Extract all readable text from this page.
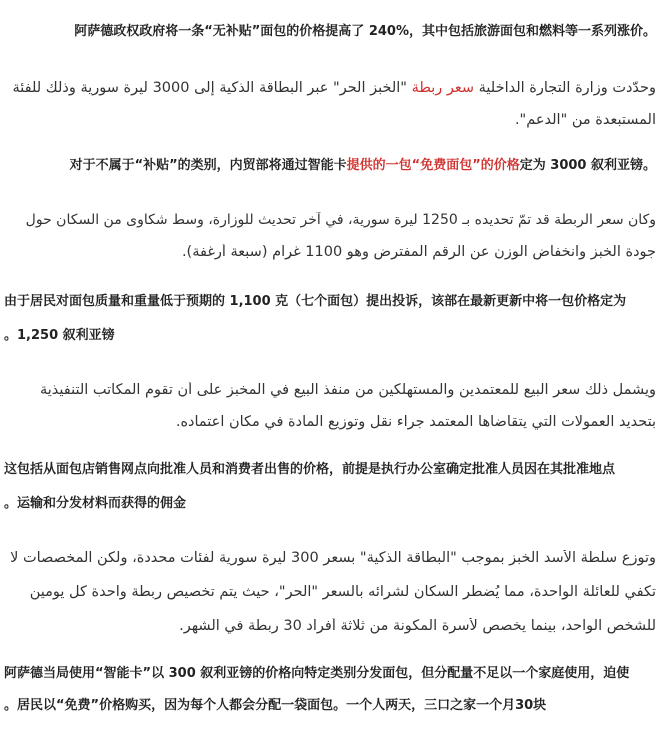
。阿萨德政权政府将一条“无补贴”面包的价格提高了 240%，其中包括旅游面包和燃料等一系列涨价
وحدّدت وزارة التجارة الداخلية سعر ربطة "الخبز الحر" عبر البطاقة الذكية إلى 3000 ليرة سورية وذلك للفئة
المستبعدة من "الدعم".
。对于不属于“补贴”的类别，内贸部将通过智能卡提供的一包“免费面包”的价格定为 3000 叙利亚镑
وكان سعر الربطة قد تمّ تحديده بـ 1250 ليرة سورية، في آخر تحديث للوزارة، وسط شكاوى من السكان حول
جودة الخبز وانخفاض الوزن عن الرقم المفترض وهو 1100 غرام (سبعة أرغفة).
由于居民对面包质量和重量低于预期的 1,100 克（七个面包）提出投诉，该部在最新更新中将一包价格定为
。1,250 叙利亚镑
ويشمل ذلك سعر البيع للمعتمدين والمستهلكين من منفذ البيع في المخبز على أن تقوم المكاتب التنفيذية
بتحديد العمولات التي يتقاضاها المعتمد جراء نقل وتوزيع المادة في مكان اعتماده.
这包括从面包店销售网点向批准人员和消费者出售的价格，前提是执行办公室确定批准人员因在其批准地点
。运输和分发材料而获得的佣金
وتوزع سلطة الأسد الخبز بموجب "البطاقة الذكية" بسعر 300 ليرة سورية لفئات محددة، ولكن المخصصات لا
تكفي للعائلة الواحدة، مما يُضطر السكان لشرائه بالسعر "الحر"، حيث يتم تخصيص ربطة واحدة كل يومين
للشخص الواحد، بينما يخصص لأسرة المكونة من ثلاثة أفراد 30 ربطة في الشهر.
阿萨德当局使用“智能卡”以 300 叙利亚镑的价格向特定类别分发面包，但分配量不足以一个家庭使用，迫使
。居民以“免费”价格购买，因为每个人都会分配一袋面包。一个人两天，三口之家一个月30块
